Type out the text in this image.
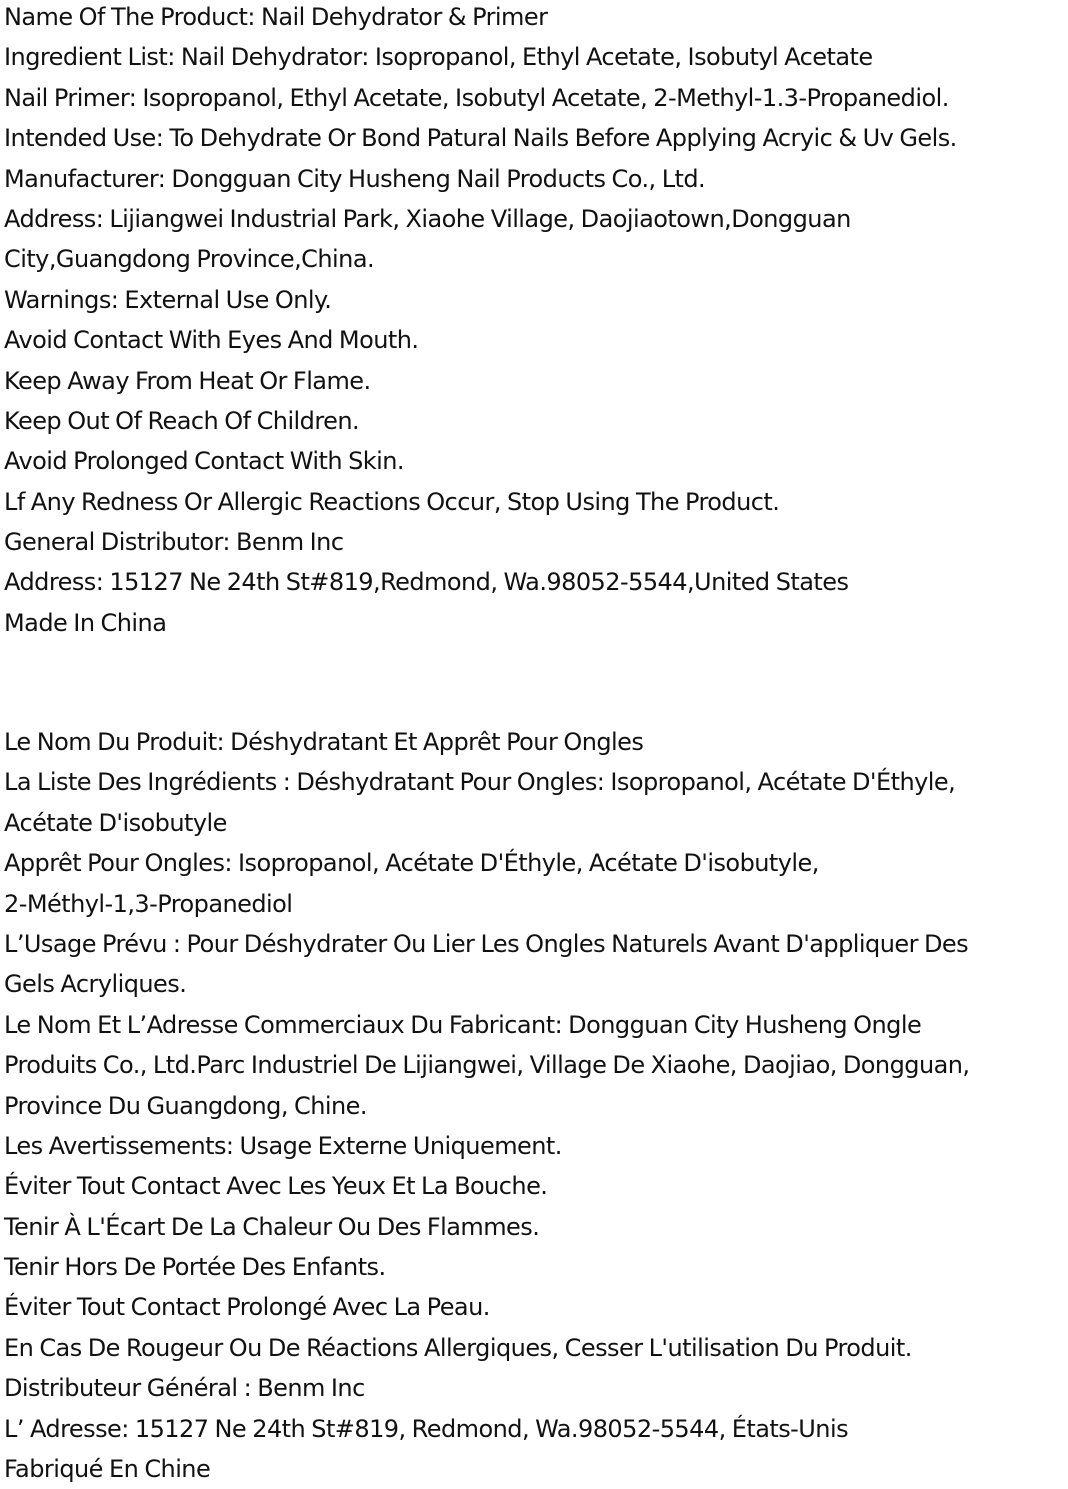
Name Of The Product: Nail Dehydrator & Primer
Ingredient List: Nail Dehydrator: Isopropanol, Ethyl Acetate, Isobutyl Acetate
Nail Primer: Isopropanol, Ethyl Acetate, Isobutyl Acetate, 2-Methyl-1.3-Propanediol.
Intended Use: To Dehydrate Or Bond Patural Nails Before Applying Acryic & Uv Gels.
Manufacturer: Dongguan City Husheng Nail Products Co., Ltd.
Address: Lijiangwei Industrial Park, Xiaohe Village, Daojiaotown,Dongguan
City,Guangdong Province,China.
Warnings: External Use Only.
Avoid Contact With Eyes And Mouth.
Keep Away From Heat Or Flame.
Keep Out Of Reach Of Children.
Avoid Prolonged Contact With Skin.
Lf Any Redness Or Allergic Reactions Occur, Stop Using The Product.
General Distributor: Benm Inc
Address: 15127 Ne 24th St#819,Redmond, Wa.98052-5544,United States
Made In China
Le Nom Du Produit: Déshydratant Et Apprêt Pour Ongles
La Liste Des Ingrédients : Déshydratant Pour Ongles: Isopropanol, Acétate D'Éthyle,
Acétate D'isobutyle
Apprêt Pour Ongles: Isopropanol, Acétate D'Éthyle, Acétate D'isobutyle,
2-Méthyl-1,3-Propanediol
L’Usage Prévu : Pour Déshydrater Ou Lier Les Ongles Naturels Avant D'appliquer Des
Gels Acryliques.
Le Nom Et L’Adresse Commerciaux Du Fabricant: Dongguan City Husheng Ongle
Produits Co., Ltd.Parc Industriel De Lijiangwei, Village De Xiaohe, Daojiao, Dongguan,
Province Du Guangdong, Chine.
Les Avertissements: Usage Externe Uniquement.
Éviter Tout Contact Avec Les Yeux Et La Bouche.
Tenir À L'Écart De La Chaleur Ou Des Flammes.
Tenir Hors De Portée Des Enfants.
Éviter Tout Contact Prolongé Avec La Peau.
En Cas De Rougeur Ou De Réactions Allergiques, Cesser L'utilisation Du Produit.
Distributeur Général : Benm Inc
L’ Adresse: 15127 Ne 24th St#819, Redmond, Wa.98052-5544, États-Unis
Fabriqué En Chine
